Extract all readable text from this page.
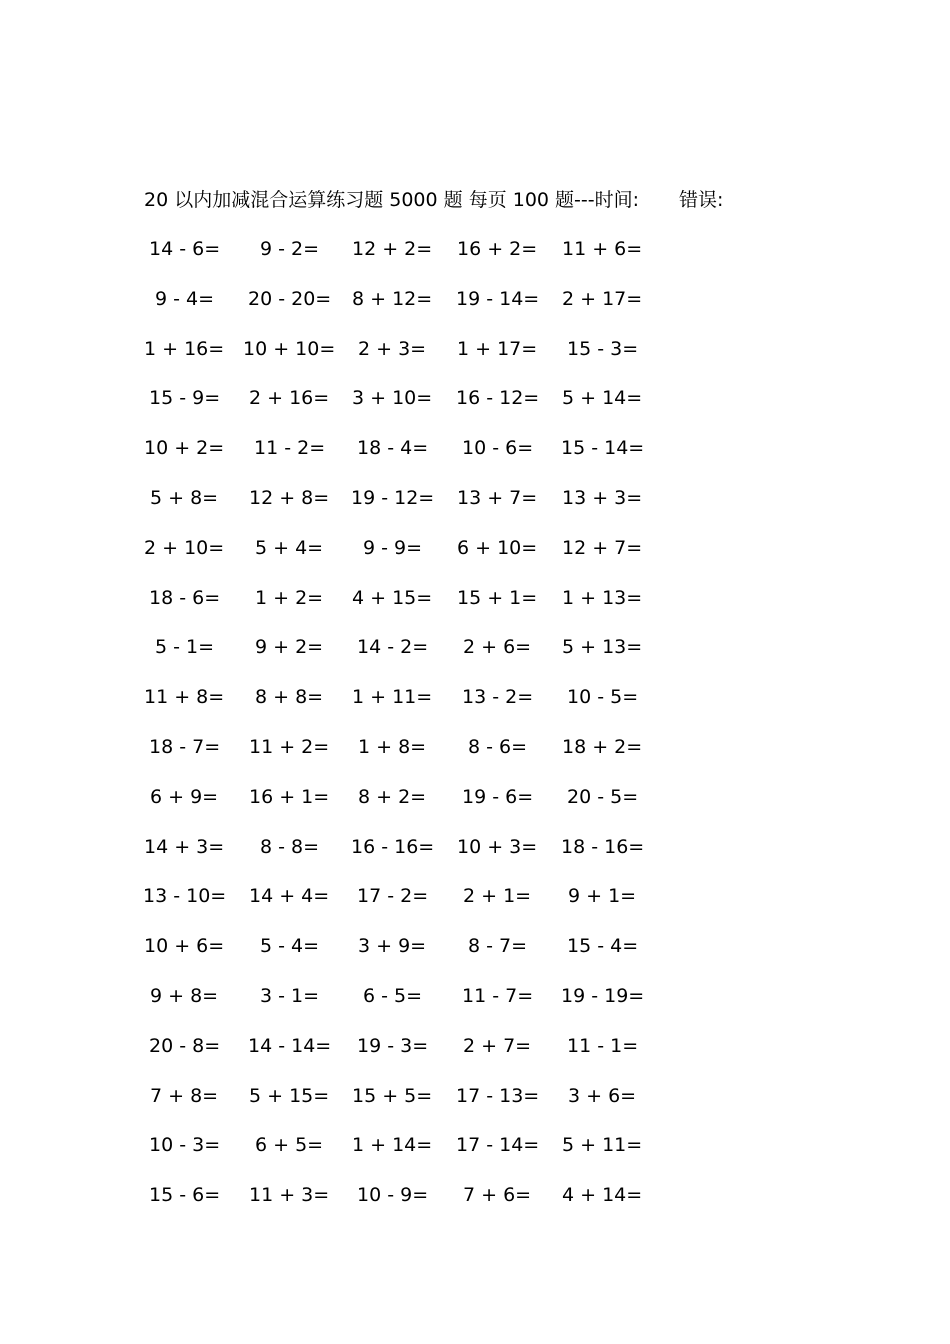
20 以内加减混合运算练习题 5000 题 每页 100 题---时间: 错误:
14 - 6= 9 - 2= 12 + 2= 16 + 2= 11 + 6=
9 - 4= 20 - 20= 8 + 12= 19 - 14= 2 + 17=
1 + 16= 10 + 10= 2 + 3= 1 + 17= 15 - 3=
15 - 9= 2 + 16= 3 + 10= 16 - 12= 5 + 14=
10 + 2= 11 - 2= 18 - 4= 10 - 6= 15 - 14=
5 + 8= 12 + 8= 19 - 12= 13 + 7= 13 + 3=
2 + 10= 5 + 4= 9 - 9= 6 + 10= 12 + 7=
18 - 6= 1 + 2= 4 + 15= 15 + 1= 1 + 13=
5 - 1= 9 + 2= 14 - 2= 2 + 6= 5 + 13=
11 + 8= 8 + 8= 1 + 11= 13 - 2= 10 - 5=
18 - 7= 11 + 2= 1 + 8= 8 - 6= 18 + 2=
6 + 9= 16 + 1= 8 + 2= 19 - 6= 20 - 5=
14 + 3= 8 - 8= 16 - 16= 10 + 3= 18 - 16=
13 - 10= 14 + 4= 17 - 2= 2 + 1= 9 + 1=
10 + 6= 5 - 4= 3 + 9= 8 - 7= 15 - 4=
9 + 8= 3 - 1= 6 - 5= 11 - 7= 19 - 19=
20 - 8= 14 - 14= 19 - 3= 2 + 7= 11 - 1=
7 + 8= 5 + 15= 15 + 5= 17 - 13= 3 + 6=
10 - 3= 6 + 5= 1 + 14= 17 - 14= 5 + 11=
15 - 6= 11 + 3= 10 - 9= 7 + 6= 4 + 14=
